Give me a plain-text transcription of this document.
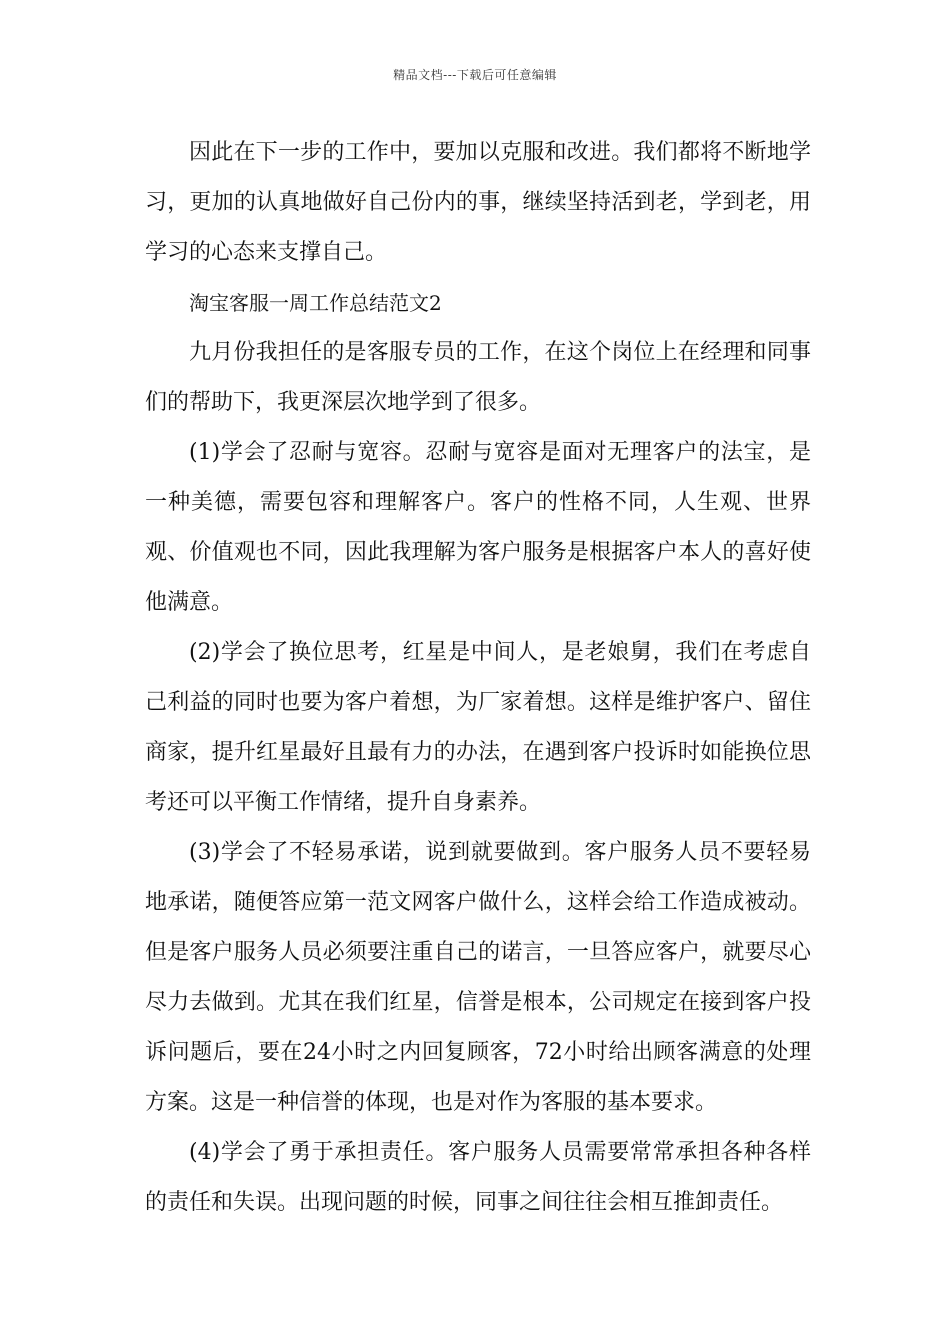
精品文档---下载后可任意编辑

因此在下一步的工作中，要加以克服和改进。我们都将不断地学习，更加的认真地做好自己份内的事，继续坚持活到老，学到老，用学习的心态来支撑自己。

淘宝客服一周工作总结范文2

九月份我担任的是客服专员的工作，在这个岗位上在经理和同事们的帮助下，我更深层次地学到了很多。

(1)学会了忍耐与宽容。忍耐与宽容是面对无理客户的法宝，是一种美德，需要包容和理解客户。客户的性格不同，人生观、世界观、价值观也不同，因此我理解为客户服务是根据客户本人的喜好使他满意。

(2)学会了换位思考，红星是中间人，是老娘舅，我们在考虑自己利益的同时也要为客户着想，为厂家着想。这样是维护客户、留住商家，提升红星最好且最有力的办法，在遇到客户投诉时如能换位思考还可以平衡工作情绪，提升自身素养。

(3)学会了不轻易承诺，说到就要做到。客户服务人员不要轻易地承诺，随便答应第一范文网客户做什么，这样会给工作造成被动。但是客户服务人员必须要注重自己的诺言，一旦答应客户，就要尽心尽力去做到。尤其在我们红星，信誉是根本，公司规定在接到客户投诉问题后，要在24小时之内回复顾客，72小时给出顾客满意的处理方案。这是一种信誉的体现，也是对作为客服的基本要求。

(4)学会了勇于承担责任。客户服务人员需要常常承担各种各样的责任和失误。出现问题的时候，同事之间往往会相互推卸责任。
